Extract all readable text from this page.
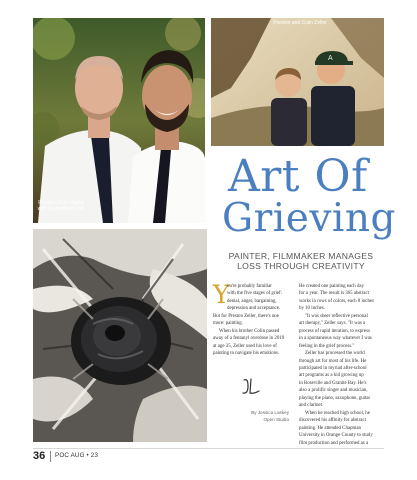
Preston Zeller (right) with his brother Colin
A
Preston and Colin Zeller
Art Of
Grieving
PAINTER, FILMMAKER MANAGES
LOSS THROUGH CREATIVITY
Y

ou're probably familiar

with the five stages of grief:

denial, anger, bargaining,

depression and acceptance.

But for Preston Zeller, there's one

more: painting.

When his brother Colin passed

away of a fentanyl overdose in 2019

at age 35, Zeller used his love of

painting to navigate his emotions.

By Jessica Laskey
Open Studio

He created one painting each day

for a year. The result is 365 abstract

works in rows of colors, each 8 inches

by 10 inches.

"It was sheer reflective personal

art therapy," Zeller says. "It was a

process of rapid iteration, to express

in a spontaneous way whatever I was

feeling in the grief process."

Zeller has processed the world

through art for most of his life. He

participated in myriad after-school

art programs as a kid growing up

in Roseville and Granite Bay. He's

also a prolific singer and musician,

playing the piano, saxophone, guitar

and clarinet.

When he reached high school, he

discovered his affinity for abstract

painting. He attended Chapman

University in Orange County to study

film production and performed as a

36 POC AUG • 23
